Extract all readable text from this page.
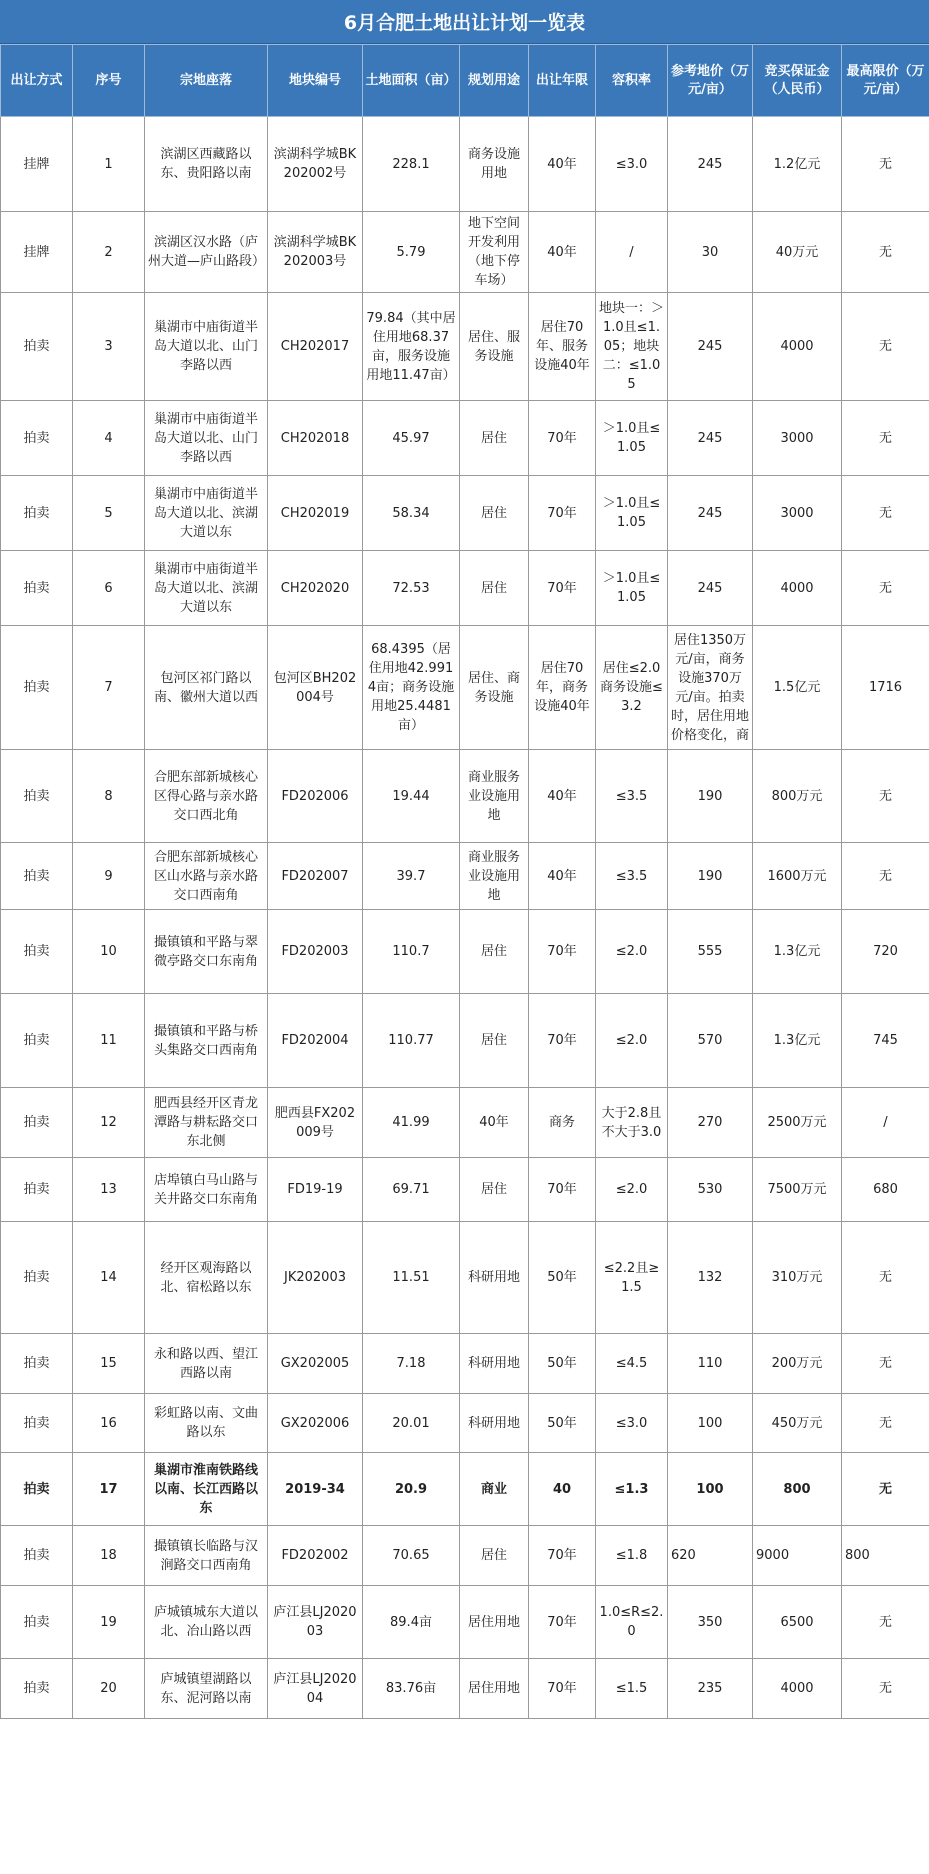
6月合肥土地出让计划一览表
出让方式	序号	宗地座落	地块编号	土地面积（亩）	规划用途	出让年限	容积率	参考地价（万元/亩）	竞买保证金（人民币）	最高限价（万元/亩）
挂牌	1	滨湖区西藏路以东、贵阳路以南	滨湖科学城BK202002号	228.1	商务设施用地	40年	≤3.0	245	1.2亿元	无
挂牌	2	滨湖区汉水路（庐州大道—庐山路段）	滨湖科学城BK202003号	5.79	地下空间开发利用（地下停车场）	40年	/	30	40万元	无
拍卖	3	巢湖市中庙街道半岛大道以北、山门李路以西	CH202017	79.84（其中居住用地68.37亩，服务设施用地11.47亩）	居住、服务设施	居住70年、服务设施40年	地块一：＞1.0且≤1.05；地块二：≤1.05	245	4000	无
拍卖	4	巢湖市中庙街道半岛大道以北、山门李路以西	CH202018	45.97	居住	70年	＞1.0且≤1.05	245	3000	无
拍卖	5	巢湖市中庙街道半岛大道以北、滨湖大道以东	CH202019	58.34	居住	70年	＞1.0且≤1.05	245	3000	无
拍卖	6	巢湖市中庙街道半岛大道以北、滨湖大道以东	CH202020	72.53	居住	70年	＞1.0且≤1.05	245	4000	无
拍卖	7	包河区祁门路以南、徽州大道以西	包河区BH202004号	68.4395（居住用地42.9914亩；商务设施用地25.4481亩）	居住、商务设施	居住70年，商务设施40年	居住≤2.0商务设施≤3.2	居住1350万元/亩，商务设施370万元/亩。拍卖时，居住用地价格变化，商	1.5亿元	1716
拍卖	8	合肥东部新城核心区得心路与亲水路交口西北角	FD202006	19.44	商业服务业设施用地	40年	≤3.5	190	800万元	无
拍卖	9	合肥东部新城核心区山水路与亲水路交口西南角	FD202007	39.7	商业服务业设施用地	40年	≤3.5	190	1600万元	无
拍卖	10	撮镇镇和平路与翠微亭路交口东南角	FD202003	110.7	居住	70年	≤2.0	555	1.3亿元	720
拍卖	11	撮镇镇和平路与桥头集路交口西南角	FD202004	110.77	居住	70年	≤2.0	570	1.3亿元	745
拍卖	12	肥西县经开区青龙潭路与耕耘路交口东北侧	肥西县FX202009号	41.99	40年	商务	大于2.8且不大于3.0	270	2500万元	/
拍卖	13	店埠镇白马山路与关井路交口东南角	FD19-19	69.71	居住	70年	≤2.0	530	7500万元	680
拍卖	14	经开区观海路以北、宿松路以东	JK202003	11.51	科研用地	50年	≤2.2且≥1.5	132	310万元	无
拍卖	15	永和路以西、望江西路以南	GX202005	7.18	科研用地	50年	≤4.5	110	200万元	无
拍卖	16	彩虹路以南、文曲路以东	GX202006	20.01	科研用地	50年	≤3.0	100	450万元	无
拍卖	17	巢湖市淮南铁路线以南、长江西路以东	2019-34	20.9	商业	40	≤1.3	100	800	无
拍卖	18	撮镇镇长临路与汉涧路交口西南角	FD202002	70.65	居住	70年	≤1.8	620	9000	800
拍卖	19	庐城镇城东大道以北、冶山路以西	庐江县LJ202003	89.4亩	居住用地	70年	1.0≤R≤2.0	350	6500	无
拍卖	20	庐城镇望湖路以东、泥河路以南	庐江县LJ202004	83.76亩	居住用地	70年	≤1.5	235	4000	无
